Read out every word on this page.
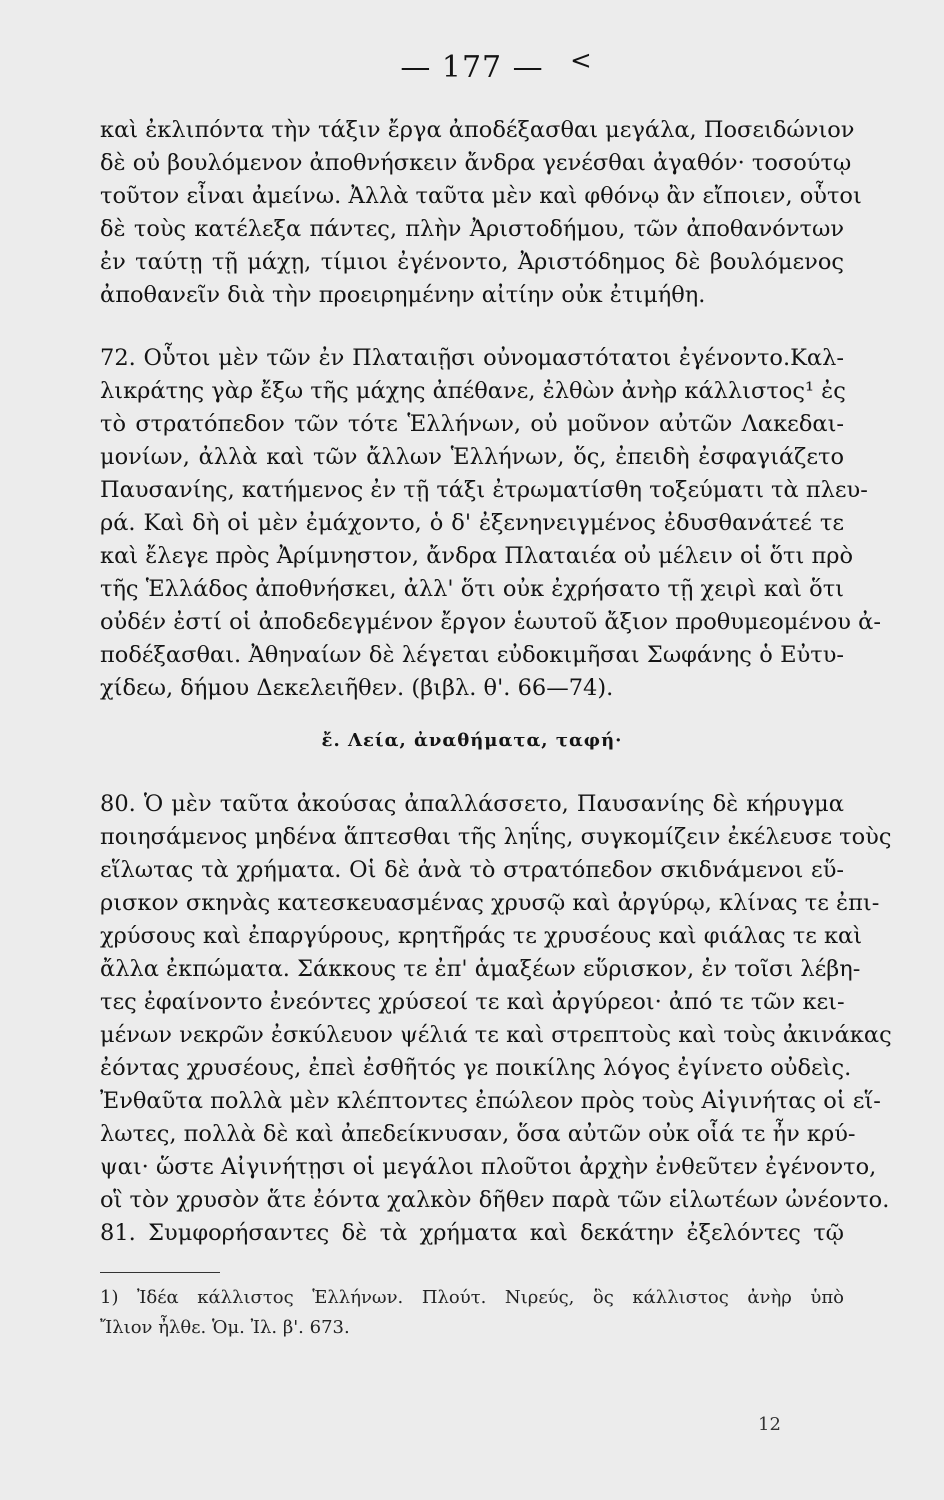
— 177 — <
καὶ ἐκλιπόντα τὴν τάξιν ἔργα ἀποδέξασθαι μεγάλα, Ποσειδώνιον
δὲ οὐ βουλόμενον ἀποθνήσκειν ἄνδρα γενέσθαι ἀγαθόν· τοσούτῳ
τοῦτον εἶναι ἀμείνω. Ἀλλὰ ταῦτα μὲν καὶ φθόνῳ ἂν εἴποιεν, οὗτοι
δὲ τοὺς κατέλεξα πάντες, πλὴν Ἀριστοδήμου, τῶν ἀποθανόντων
ἐν ταύτῃ τῇ μάχῃ, τίμιοι ἐγένοντο, Ἀριστόδημος δὲ βουλόμενος
ἀποθανεῖν διὰ τὴν προειρημένην αἰτίην οὐκ ἐτιμήθη.
72. Οὗτοι μὲν τῶν ἐν Πλαταιῇσι οὐνομαστότατοι ἐγένοντο.Καλ-
λικράτης γὰρ ἔξω τῆς μάχης ἀπέθανε, ἐλθὼν ἀνὴρ κάλλιστος¹ ἐς
τὸ στρατόπεδον τῶν τότε Ἑλλήνων, οὐ μοῦνον αὐτῶν Λακεδαι-
μονίων, ἀλλὰ καὶ τῶν ἄλλων Ἑλλήνων, ὅς, ἐπειδὴ ἐσφαγιάζετο
Παυσανίης, κατήμενος ἐν τῇ τάξι ἐτρωματίσθη τοξεύματι τὰ πλευ-
ρά. Καὶ δὴ οἱ μὲν ἐμάχοντο, ὁ δ' ἐξενηνειγμένος ἐδυσθανάτεέ τε
καὶ ἔλεγε πρὸς Ἀρίμνηστον, ἄνδρα Πλαταιέα οὐ μέλειν οἱ ὅτι πρὸ
τῆς Ἑλλάδος ἀποθνήσκει, ἀλλ' ὅτι οὐκ ἐχρήσατο τῇ χειρὶ καὶ ὅτι
οὐδέν ἐστί οἱ ἀποδεδεγμένον ἔργον ἑωυτοῦ ἄξιον προθυμεομένου ἀ-
ποδέξασθαι. Ἀθηναίων δὲ λέγεται εὐδοκιμῆσαι Σωφάνης ὁ Εὐτυ-
χίδεω, δήμου Δεκελειῆθεν. (βιβλ. θ'. 66—74).
ἔ. Λεία, ἀναθήματα, ταφή·
80. Ὁ μὲν ταῦτα ἀκούσας ἀπαλλάσσετο, Παυσανίης δὲ κήρυγμα
ποιησάμενος μηδένα ἅπτεσθαι τῆς ληΐης, συγκομίζειν ἐκέλευσε τοὺς
εἵλωτας τὰ χρήματα. Οἱ δὲ ἀνὰ τὸ στρατόπεδον σκιδνάμενοι εὕ-
ρισκον σκηνὰς κατεσκευασμένας χρυσῷ καὶ ἀργύρῳ, κλίνας τε ἐπι-
χρύσους καὶ ἐπαργύρους, κρητῆράς τε χρυσέους καὶ φιάλας τε καὶ
ἄλλα ἐκπώματα. Σάκκους τε ἐπ' ἁμαξέων εὕρισκον, ἐν τοῖσι λέβη-
τες ἐφαίνοντο ἐνεόντες χρύσεοί τε καὶ ἀργύρεοι· ἀπό τε τῶν κει-
μένων νεκρῶν ἐσκύλευον ψέλιά τε καὶ στρεπτοὺς καὶ τοὺς ἀκινάκας
ἐόντας χρυσέους, ἐπεὶ ἐσθῆτός γε ποικίλης λόγος ἐγίνετο οὐδεὶς.
Ἐνθαῦτα πολλὰ μὲν κλέπτοντες ἐπώλεον πρὸς τοὺς Αἰγινήτας οἱ εἵ-
λωτες, πολλὰ δὲ καὶ ἀπεδείκνυσαν, ὅσα αὐτῶν οὐκ οἷά τε ἦν κρύ-
ψαι· ὥστε Αἰγινήτῃσι οἱ μεγάλοι πλοῦτοι ἀρχὴν ἐνθεῦτεν ἐγένοντο,
οἳ τὸν χρυσὸν ἅτε ἐόντα χαλκὸν δῆθεν παρὰ τῶν εἱλωτέων ὠνέοντο.
81. Συμφορήσαντες δὲ τὰ χρήματα καὶ δεκάτην ἐξελόντες τῷ
1) Ἰδέα κάλλιστος Ἑλλήνων. Πλούτ. Νιρεύς, ὃς κάλλιστος ἀνὴρ ὑπὸ
Ἴλιον ἦλθε. Ὁμ. Ἰλ. β'. 673.
12
